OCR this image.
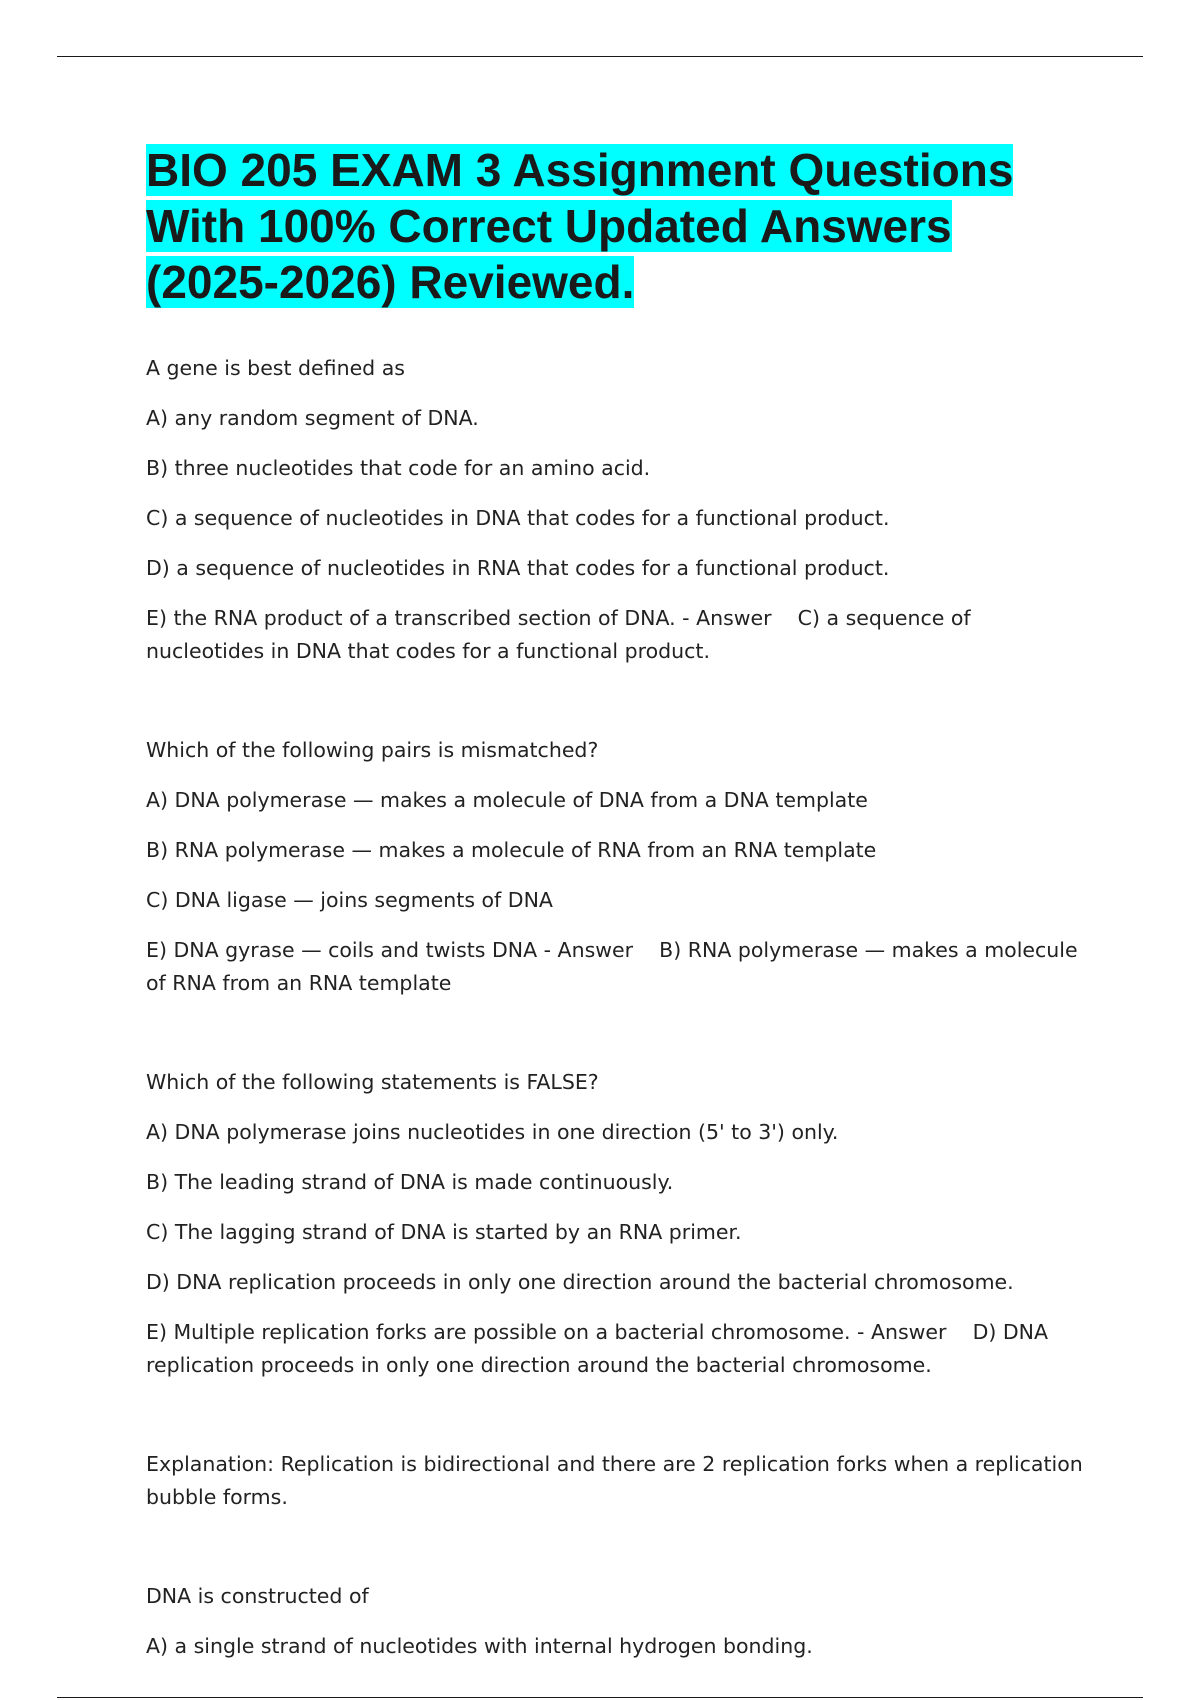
BIO 205 EXAM 3 Assignment Questions With 100% Correct Updated Answers (2025-2026) Reviewed.

A gene is best defined as

A) any random segment of DNA.

B) three nucleotides that code for an amino acid.

C) a sequence of nucleotides in DNA that codes for a functional product.

D) a sequence of nucleotides in RNA that codes for a functional product.

E) the RNA product of a transcribed section of DNA. - Answer C) a sequence of nucleotides in DNA that codes for a functional product.

Which of the following pairs is mismatched?

A) DNA polymerase — makes a molecule of DNA from a DNA template

B) RNA polymerase — makes a molecule of RNA from an RNA template

C) DNA ligase — joins segments of DNA

E) DNA gyrase — coils and twists DNA - Answer B) RNA polymerase — makes a molecule of RNA from an RNA template

Which of the following statements is FALSE?

A) DNA polymerase joins nucleotides in one direction (5' to 3') only.

B) The leading strand of DNA is made continuously.

C) The lagging strand of DNA is started by an RNA primer.

D) DNA replication proceeds in only one direction around the bacterial chromosome.

E) Multiple replication forks are possible on a bacterial chromosome. - Answer D) DNA replication proceeds in only one direction around the bacterial chromosome.

Explanation: Replication is bidirectional and there are 2 replication forks when a replication bubble forms.

DNA is constructed of

A) a single strand of nucleotides with internal hydrogen bonding.
